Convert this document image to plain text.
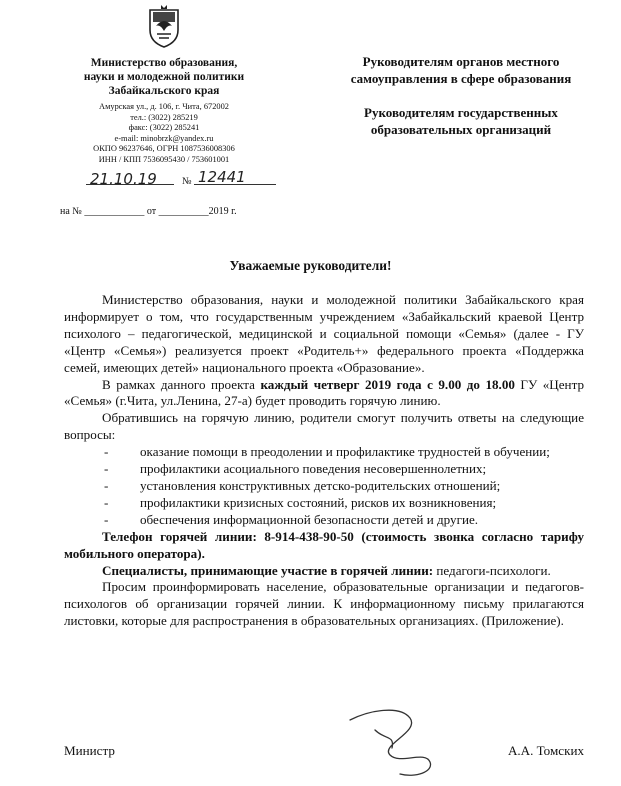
Министерство образования,
науки и молодежной политики
Забайкальского края
Амурская ул., д. 106, г. Чита, 672002
тел.: (3022) 285219
факс: (3022) 285241
e-mail: minobrzk@yandex.ru
ОКПО 96237646, ОГРН 1087536008306
ИНН / КПП 7536095430 / 753601001
21.10.19	№ 12441
на № ____________ от __________2019 г.
Руководителям органов местного самоуправления в сфере образования
Руководителям государственных образовательных организаций
Уважаемые руководители!

Министерство образования, науки и молодежной политики Забайкальского края информирует о том, что государственным учреждением «Забайкальский краевой Центр психолого – педагогической, медицинской и социальной помощи «Семья» (далее - ГУ «Центр «Семья») реализуется проект «Родитель+» федерального проекта «Поддержка семей, имеющих детей» национального проекта «Образование».

В рамках данного проекта каждый четверг 2019 года с 9.00 до 18.00 ГУ «Центр «Семья» (г.Чита, ул.Ленина, 27-а) будет проводить горячую линию.

Обратившись на горячую линию, родители смогут получить ответы на следующие вопросы:

-	оказание помощи в преодолении и профилактике трудностей в обучении;
-	профилактики асоциального поведения несовершеннолетних;
-	установления конструктивных детско-родительских отношений;
-	профилактики кризисных состояний, рисков их возникновения;
-	обеспечения информационной безопасности детей и другие.

Телефон горячей линии: 8-914-438-90-50 (стоимость звонка согласно тарифу мобильного оператора).

Специалисты, принимающие участие в горячей линии: педагоги-психологи.

Просим проинформировать население, образовательные организации и педагогов-психологов об организации горячей линии. К информационному письму прилагаются листовки, которые для распространения в образовательных организациях. (Приложение).

Министр	А.А. Томских
